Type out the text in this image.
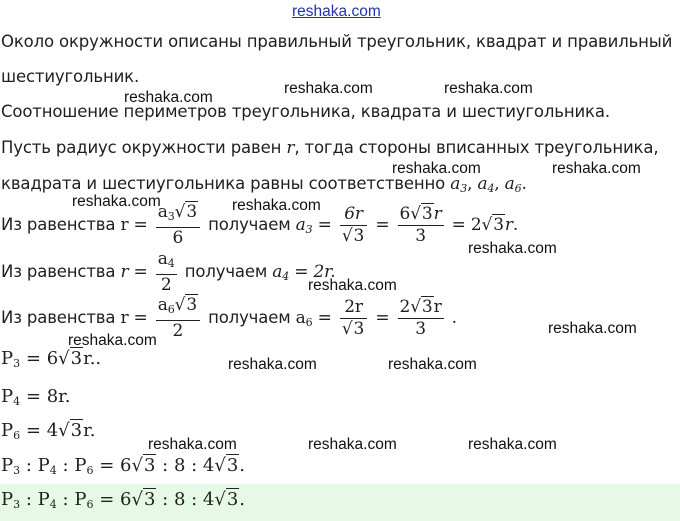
reshaka.com
reshaka.com	reshaka.com
reshaka.com
reshaka.com	reshaka.com
reshaka.com	reshaka.com
reshaka.com
reshaka.com
reshaka.com
reshaka.com
reshaka.com	reshaka.com
reshaka.com	reshaka.com	reshaka.com
Около окружности описаны правильный треугольник, квадрат и правильный
шестиугольник.
Соотношение периметров треугольника, квадрата и шестиугольника.
Пусть радиус окружности равен r, тогда стороны вписанных треугольника,
квадрата и шестиугольника равны соответственно $a_3$, $a_4$, $a_6$.
Из равенства $r = \frac{a_3√3}{6}$ получаем $a_3 = \frac{6r}{√3} = \frac{6√3r}{3} = 2√3r$.
Из равенства $r = \frac{a_4}{2}$ получаем $a_4 = 2r$.
Из равенства $r = \frac{a_6√3}{2}$ получаем $a_6 = \frac{2r}{√3} = \frac{2√3r}{3}$ .
$P_3 = 6√3r$..
$P_4 = 8r$.
$P_6 = 4√3r$.
$P_3$ : $P_4$ : $P_6 = 6√3$ : 8 : 4√3.
$P_3$ : $P_4$ : $P_6 = 6√3$ : 8 : 4√3.
